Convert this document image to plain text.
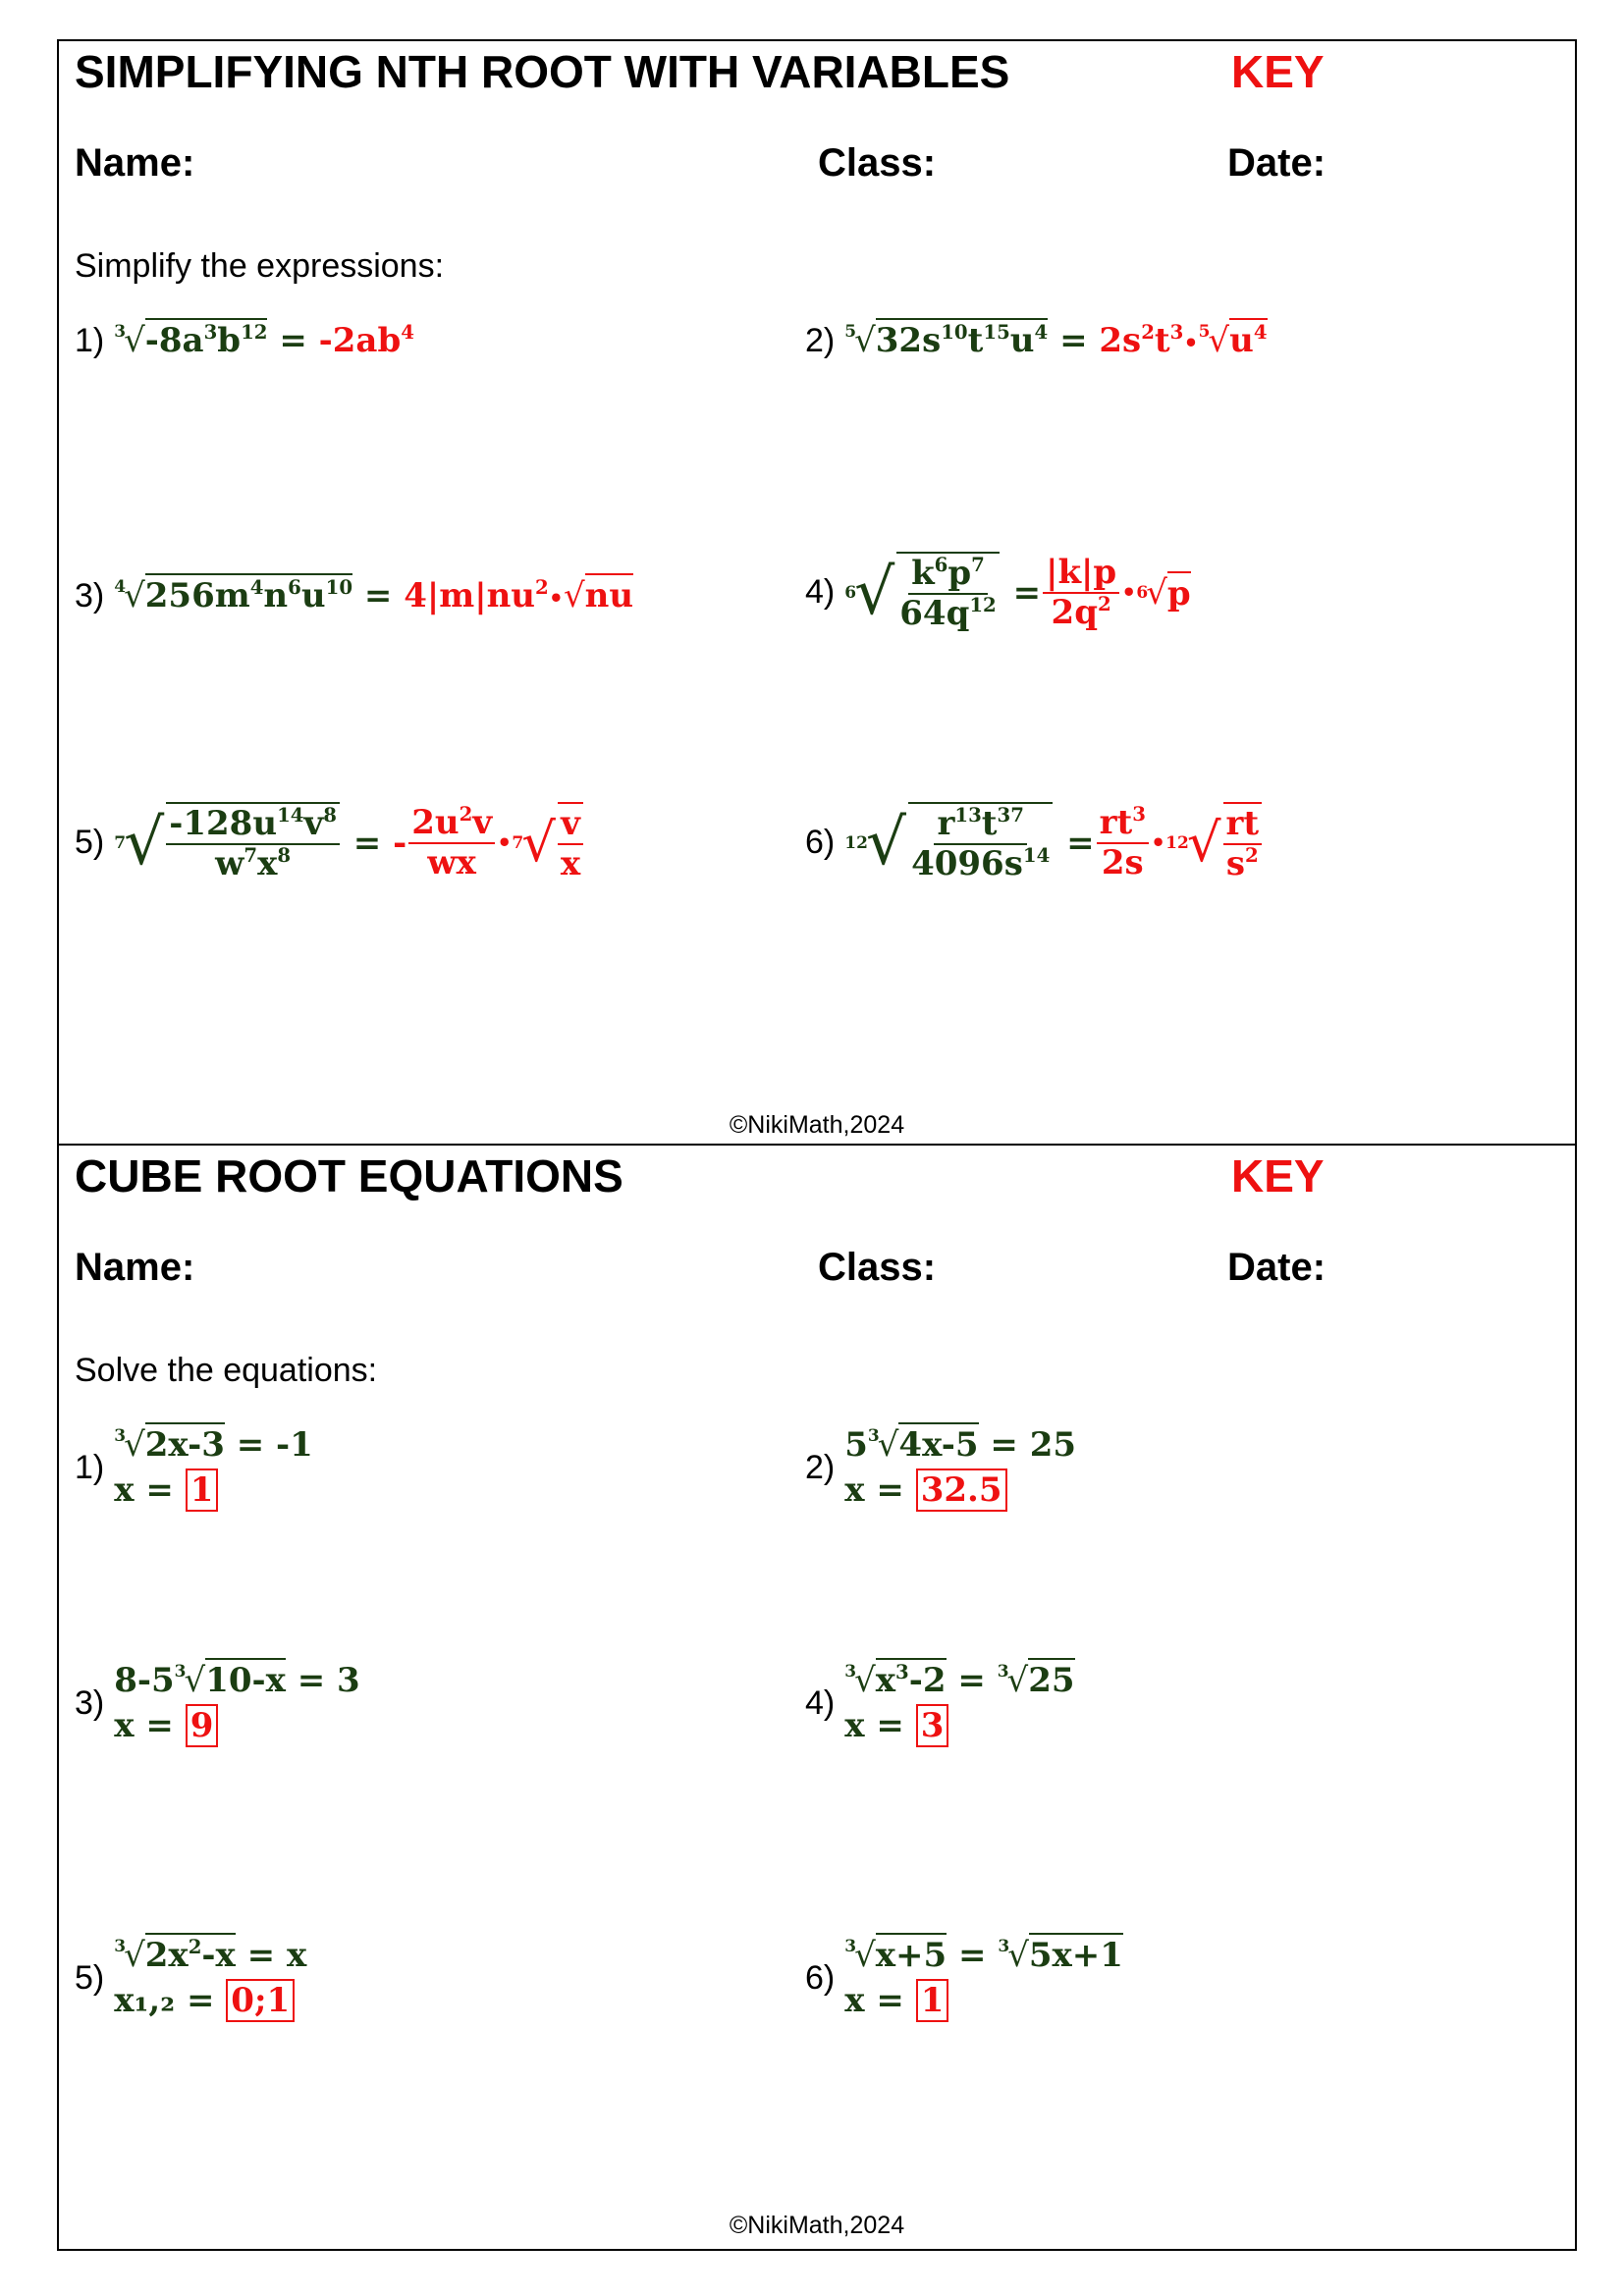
SIMPLIFYING NTH ROOT WITH VARIABLES	KEY
Name:	Class:	Date:
Simplify the expressions:
1) $^3√-8a^3b^{12} = -2ab^4$	2) $^5√32s^{10}t^{15}u^4$ = $2s^2t^3•^5√u^4$
3) $^4√256m^4n^6u^{10}$ = $4|m|nu^2•√nu$	4) 6
√ $\frac{k^6p^7}{64q^{12}} = \frac{|k|p}{2q^2}$ • 6
√ p
5) 7
√ $\frac{-128u^{14}v^8}{w^7x^8}$ = - $\frac{2u^2v}{wx}$ • 7
√ $\frac{v}{x}$	6) 12
√ $\frac{r^{13}t^{37}}{4096s^{14}} = \frac{rt^3}{2s}$ • 12
√ $\frac{rt}{s^2}$
©NikiMath,2024
CUBE ROOT EQUATIONS	KEY
Name:	Class:	Date:
Solve the equations:
1)
$^3$√2x-3 = -1
x = 1
2)
$5^3√4x-5 = 25$
x = 32.5
3)
$8-5^3√10-x = 3$
x = 9
4)
$^3√x^3-2 = ^3√25$
x = 3
5)
$^3√2x^2-x = x$
x₁,₂ = 0;1
6)
$^3$√x+5 = $^3$√5x+1
x = 1
©NikiMath,2024
